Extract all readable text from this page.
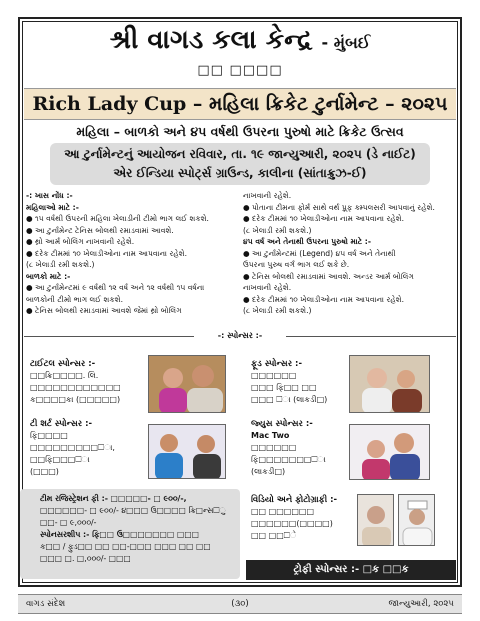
શ્રી વાગડ કલા કેન્દ્ર - મુંબઈ
□□ □□□□
Rich Lady Cup – મહિલા ક્રિકેટ ટુર્નામેન્ટ – ૨૦૨૫
મહિલા – બાળકો અને ૪૫ વર્ષથી ઉપરના પુરુષો માટે ક્રિકેટ ઉત્સવ
આ ટુર્નામેન્ટનું આયોજન રવિવાર, તા. ૧૯ જાન્યુઆરી, ૨૦૨૫ (ડે નાઈટ)
એર ઈન્ડિયા સ્પોર્ટ્સ ગ્રાઉન્ડ, કાલીના (સાંતાક્રુઝ-ઈ)
-: ખાસ નોંધ :-
મહિલાઓ માટે :-
● ૧૫ વર્ષથી ઉપરની મહિલા ખેલાડીની ટીમો ભાગ લઈ શકશે.
● આ ટુર્નામેન્ટ ટેનિસ બોલથી રમાડવામાં આવશે.
● થ્રો આર્મ બોલિંગ નાખવાની રહેશે.
● દરેક ટીમમાં ૧૦ ખેલાડીઓના નામ આપવાના રહેશે.
(૮ ખેલાડી રમી શકશે.)
બાળકો માટે :-
● આ ટુર્નામેન્ટમાં ૯ વર્ષથી ૧૨ વર્ષ અને ૧૨ વર્ષથી ૧૫ વર્ષના
બાળકોની ટીમો ભાગ લઈ શકશે.
● ટેનિસ બોલથી રમાડવામાં આવશે જેમાં થ્રો બોલિંગ
નાખવાની રહેશે.
● પોતાના ટીમના ફોર્મ સાથે વર્થ પ્રૂફ ક્મ્પલસરી આપવાનું રહેશે.
● દરેક ટીમમાં ૧૦ ખેલાડીઓના નામ આપવાના રહેશે.
(૮ ખેલાડી રમી શકશે.)
૪૫ વર્ષ અને તેનાથી ઉપરના પુરુષો માટે :-
● આ ટુર્નામેન્ટમાં (Legend) ૪૫ વર્ષ અને તેનાથી
ઉપરના પુરુષ વર્ગ ભાગ લઈ શકે છે.
● ટેનિસ બોલથી રમાડવામાં આવશે. અન્ડર આર્મ બોલિંગ
નાખવાની રહેશે.
● દરેક ટીમમાં ૧૦ ખેલાડીઓના નામ આપવાના રહેશે.
(૮ ખેલાડી રમી શકશે.)
-: સ્પોન્સર :-
ટાઈટલ સ્પોન્સર :-
□□ક્રિ□□□□. લિ.
□□□□□□□□□□□□
ક□□□□કા (□□□□□)
ફૂડ સ્પોન્સર :-
□□□□□□
□□□ ફિ□□ □□
□□□ □ા (લાકડી□)
ટી શર્ટ સ્પોન્સર :-
ફિ□□□□
□□□□□□□□□□ા,
□□ફિ□□□□ા
(□□□)
જ્યુસ સ્પોન્સર :-
Mac Two
□□□□□□
ફિ□□□□□□□□ા
(લાકડી□)
ટીમ રજિસ્ટ્રેશન ફી :- □□□□□- □ ૯૦૦/-,
□□□□□□- □ ૯૦૦/- ૪□□□ ઉ□□□□ ક્રિ□ન્સ□ુ
□□- □ ૯,૦૦૦/-
સ્પોનસરશીપ :- ફિ□□ ઉ□□□□□□□ □□□
ક□□ / ફુડ□□ □□ □□-□□□ □□□ □□ □□
□□□ □. □,૦૦૦/- □□□
વિડિયો અને ફોટોગ્રાફી :-
□□ □□□□□□
□□□□□□(□□□□)
□□ □□□ે
ટ્રોફી સ્પોન્સર :- □ક □□ક
વાગડ સંદેશ	(૩૦)	જાન્યુઆરી, ૨૦૨૫
